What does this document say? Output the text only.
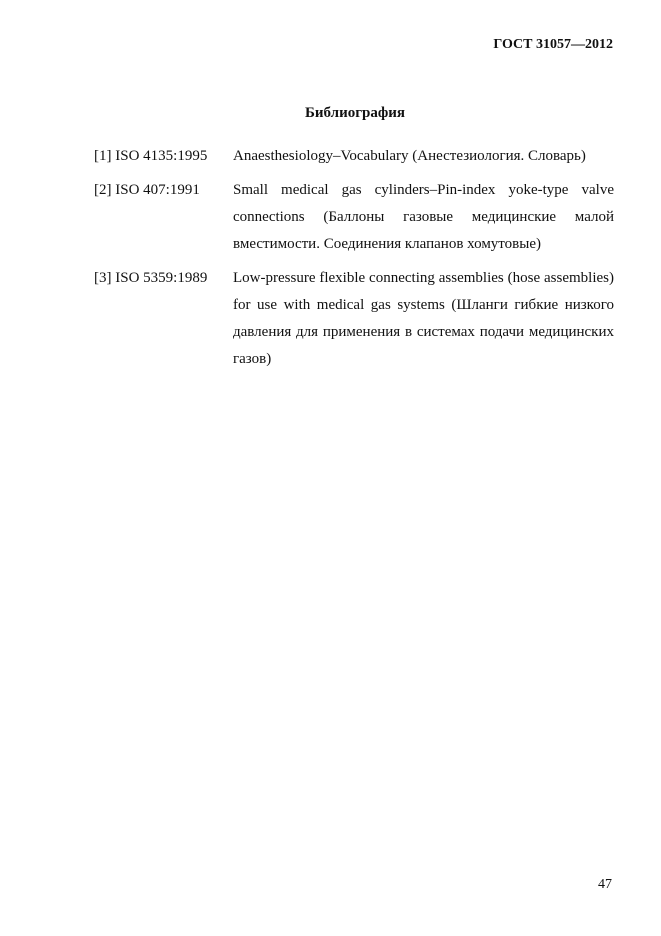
ГОСТ 31057—2012
Библиография
[1] ISO 4135:1995 Anaesthesiology–Vocabulary (Анестезиология. Словарь)
[2] ISO 407:1991 Small medical gas cylinders–Pin-index yoke-type valve connections (Баллоны газовые медицинские малой вместимости. Соединения клапанов хомутовые)
[3] ISO 5359:1989 Low-pressure flexible connecting assemblies (hose assemblies) for use with medical gas systems (Шланги гибкие низкого давления для применения в системах подачи медицинских газов)
47
